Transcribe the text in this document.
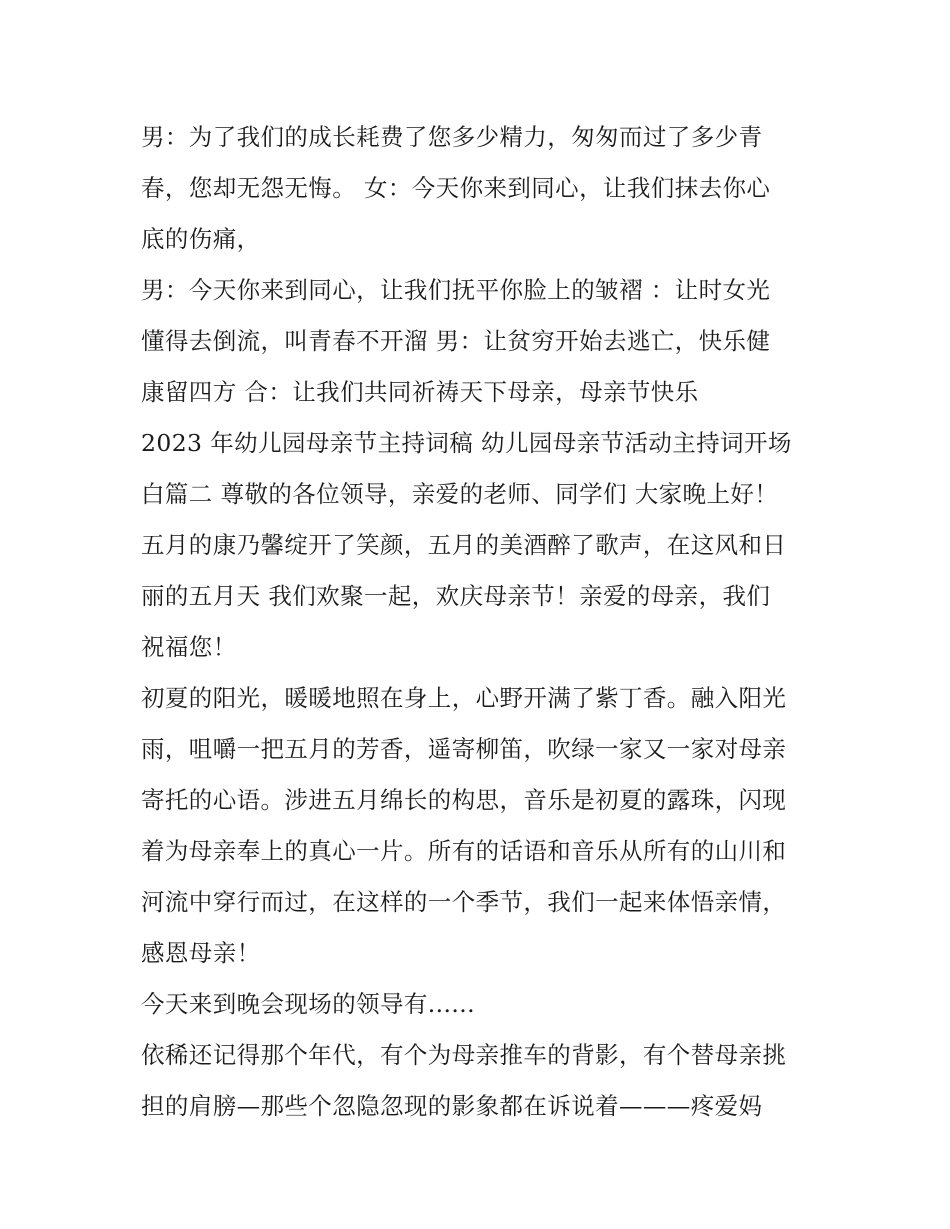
男：为了我们的成长耗费了您多少精力，匆匆而过了多少青
春，您却无怨无悔。 女：今天你来到同心，让我们抹去你心
底的伤痛，
男：今天你来到同心，让我们抚平你脸上的皱褶 ：让时女光
懂得去倒流，叫青春不开溜 男：让贫穷开始去逃亡，快乐健
康留四方 合：让我们共同祈祷天下母亲，母亲节快乐
2023 年幼儿园母亲节主持词稿 幼儿园母亲节活动主持词开场
白篇二 尊敬的各位领导，亲爱的老师、同学们 大家晚上好！
五月的康乃馨绽开了笑颜，五月的美酒醉了歌声，在这风和日
丽的五月天 我们欢聚一起，欢庆母亲节！亲爱的母亲，我们
祝福您！
初夏的阳光，暖暖地照在身上，心野开满了紫丁香。融入阳光
雨，咀嚼一把五月的芳香，遥寄柳笛，吹绿一家又一家对母亲
寄托的心语。涉进五月绵长的构思，音乐是初夏的露珠，闪现
着为母亲奉上的真心一片。所有的话语和音乐从所有的山川和
河流中穿行而过，在这样的一个季节，我们一起来体悟亲情，
感恩母亲！
今天来到晚会现场的领导有......
依稀还记得那个年代，有个为母亲推车的背影，有个替母亲挑
担的肩膀—那些个忽隐忽现的影象都在诉说着———疼爱妈
